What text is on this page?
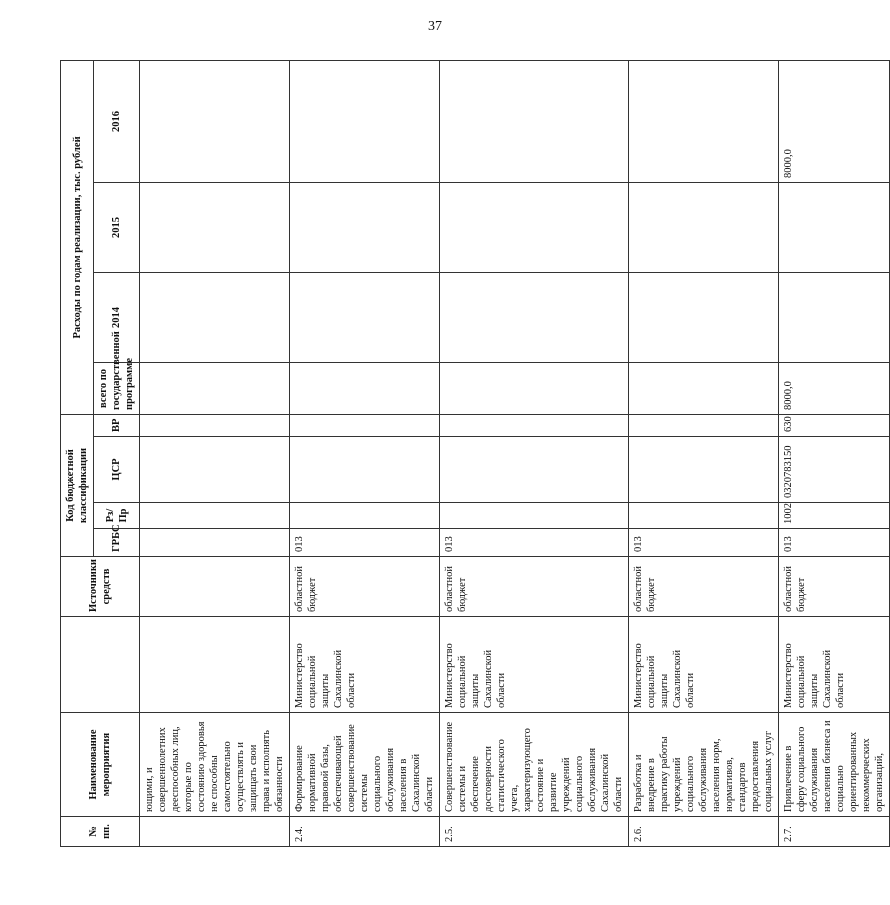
37
№ пп.	Наименование мероприятия		Источники средств	Код бюджетной классификации				Расходы по годам реализации, тыс. рублей			
				ГРБС	Рз/ Пр	ЦСР	ВР	всего по государственной программе	2014	2015	2016
	ющими, и совершеннолетних дееспособных лиц, которые по состоянию здоровья не способны самостоятельно осуществлять и защищать свои права и исполнять обязанности										
2.4.	Формирование нормативной правовой базы, обеспечивающей совершенствование системы социального обслуживания населения в Сахалинской области	Министерство социальной защиты Сахалинской области	областной бюджет	013							
2.5.	Совершенствование системы и обеспечение достоверности статистического учета, характеризующего состояние и развитие учреждений социального обслуживания Сахалинской области	Министерство социальной защиты Сахалинской области	областной бюджет	013							
2.6.	Разработка и внедрение в практику работы учреждений социального обслуживания населения норм, нормативов, стандартов предоставления социальных услуг	Министерство социальной защиты Сахалинской области	областной бюджет	013							
2.7.	Привлечение в сферу социального обслуживания населения бизнеса и социально ориентированных некоммерческих организаций,	Министерство социальной защиты Сахалинской области	областной бюджет	013	1002	0320783150	630	8000,0			8000,0
